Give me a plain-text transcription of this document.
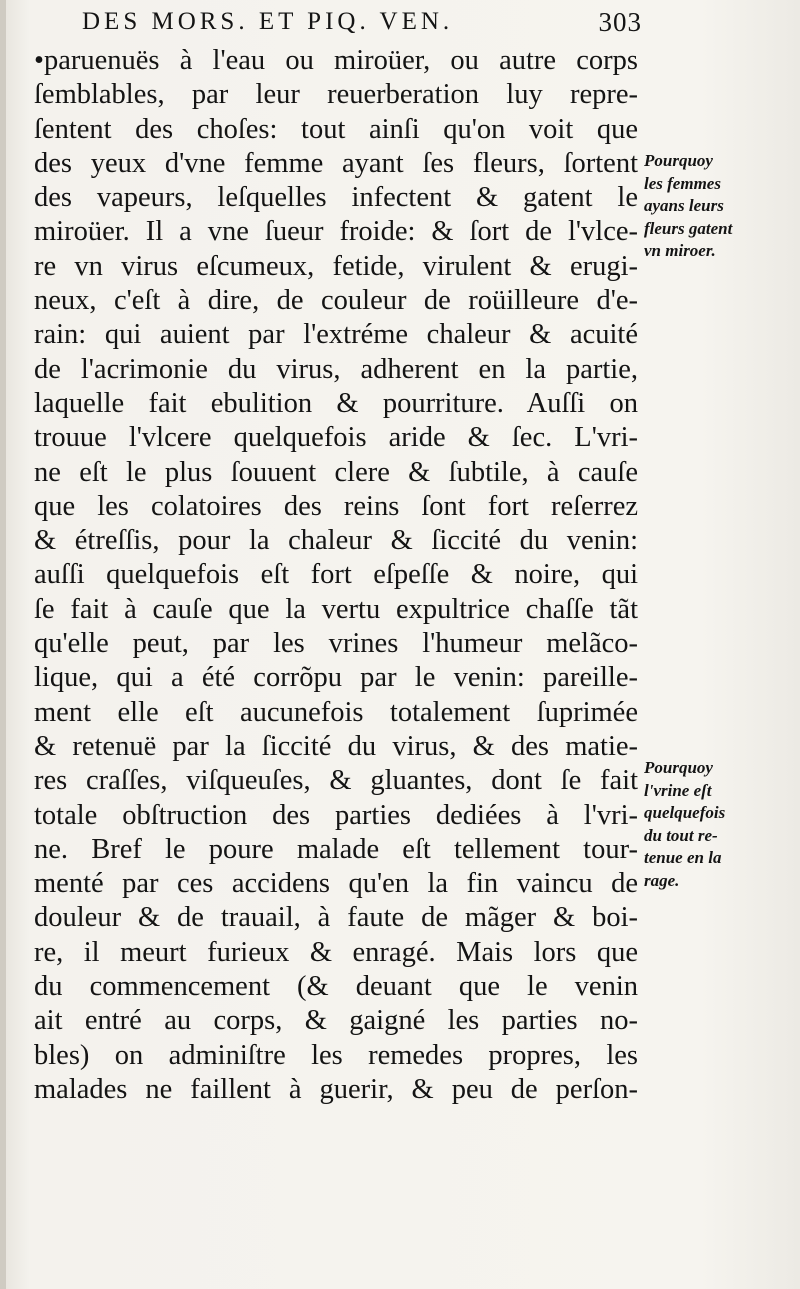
DES MORS. ET PIQ. VEN.	303
•paruenuës à l'eau ou miroüer, ou autre corps
ſemblables, par leur reuerberation luy repre-
ſentent des choſes: tout ainſi qu'on voit que
des yeux d'vne femme ayant ſes fleurs, ſortent
des vapeurs, leſquelles infectent & gatent le
miroüer. Il a vne ſueur froide: & ſort de l'vlce-
re vn virus eſcumeux, fetide, virulent & erugi-
neux, c'eſt à dire, de couleur de roüilleure d'e-
rain: qui auient par l'extréme chaleur & acuité
de l'acrimonie du virus, adherent en la partie,
laquelle fait ebulition & pourriture. Auſſi on
trouue l'vlcere quelquefois aride & ſec. L'vri-
ne eſt le plus ſouuent clere & ſubtile, à cauſe
que les colatoires des reins ſont fort reſerrez
& étreſſis, pour la chaleur & ſiccité du venin:
auſſi quelquefois eſt fort eſpeſſe & noire, qui
ſe fait à cauſe que la vertu expultrice chaſſe tãt
qu'elle peut, par les vrines l'humeur melãco-
lique, qui a été corrõpu par le venin: pareille-
ment elle eſt aucunefois totalement ſuprimée
& retenuë par la ſiccité du virus, & des matie-
res craſſes, viſqueuſes, & gluantes, dont ſe fait
totale obſtruction des parties dediées à l'vri-
ne. Bref le poure malade eſt tellement tour-
menté par ces accidens qu'en la fin vaincu de
douleur & de trauail, à faute de mãger & boi-
re, il meurt furieux & enragé. Mais lors que
du commencement (& deuant que le venin
ait entré au corps, & gaigné les parties no-
bles) on adminiſtre les remedes propres, les
malades ne faillent à guerir, & peu de perſon-
Pourquoy
les femmes
ayans leurs
fleurs gatent
vn miroer.
Pourquoy
l'vrine eſt
quelquefois
du tout re-
tenue en la
rage.
